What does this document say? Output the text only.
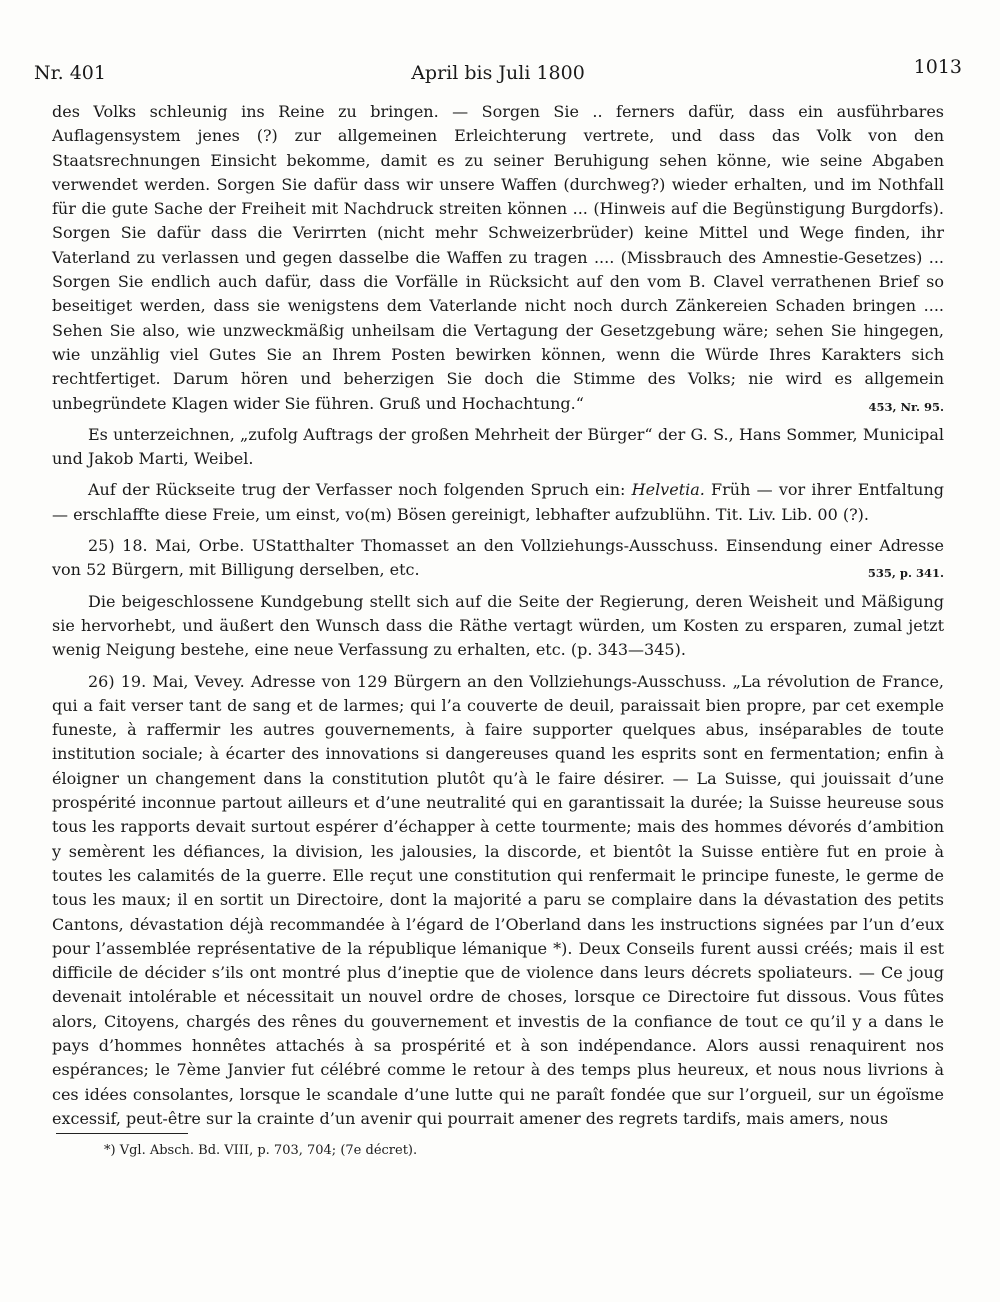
Nr. 401	April bis Juli 1800	1013

des Volks schleunig ins Reine zu bringen. — Sorgen Sie .. ferners dafür, dass ein ausführbares Auflagensystem jenes (?) zur allgemeinen Erleichterung vertrete, und dass das Volk von den Staatsrechnungen Einsicht bekomme, damit es zu seiner Beruhigung sehen könne, wie seine Abgaben verwendet werden. Sorgen Sie dafür dass wir unsere Waffen (durchweg?) wieder erhalten, und im Nothfall für die gute Sache der Freiheit mit Nachdruck streiten können ... (Hinweis auf die Begünstigung Burgdorfs). Sorgen Sie dafür dass die Verirrten (nicht mehr Schweizerbrüder) keine Mittel und Wege finden, ihr Vaterland zu verlassen und gegen dasselbe die Waffen zu tragen .... (Missbrauch des Amnestie-Gesetzes) ... Sorgen Sie endlich auch dafür, dass die Vorfälle in Rücksicht auf den vom B. Clavel verrathenen Brief so beseitiget werden, dass sie wenigstens dem Vaterlande nicht noch durch Zänkereien Schaden bringen .... Sehen Sie also, wie unzweckmäßig unheilsam die Vertagung der Gesetzgebung wäre; sehen Sie hingegen, wie unzählig viel Gutes Sie an Ihrem Posten bewirken können, wenn die Würde Ihres Karakters sich rechtfertiget. Darum hören und beherzigen Sie doch die Stimme des Volks; nie wird es allgemein unbegründete Klagen wider Sie führen. Gruß und Hochachtung.“	453, Nr. 95.

Es unterzeichnen, „zufolg Auftrags der großen Mehrheit der Bürger“ der G. S., Hans Sommer, Municipal und Jakob Marti, Weibel.

Auf der Rückseite trug der Verfasser noch folgenden Spruch ein: Helvetia. Früh — vor ihrer Entfaltung — erschlaffte diese Freie, um einst, vo(m) Bösen gereinigt, lebhafter aufzublühn. Tit. Liv. Lib. 00 (?).

25) 18. Mai, Orbe. UStatthalter Thomasset an den Vollziehungs-Ausschuss. Einsendung einer Adresse von 52 Bürgern, mit Billigung derselben, etc.	535, p. 341.

Die beigeschlossene Kundgebung stellt sich auf die Seite der Regierung, deren Weisheit und Mäßigung sie hervorhebt, und äußert den Wunsch dass die Räthe vertagt würden, um Kosten zu ersparen, zumal jetzt wenig Neigung bestehe, eine neue Verfassung zu erhalten, etc. (p. 343—345).

26) 19. Mai, Vevey. Adresse von 129 Bürgern an den Vollziehungs-Ausschuss. „La révolution de France, qui a fait verser tant de sang et de larmes; qui l’a couverte de deuil, paraissait bien propre, par cet exemple funeste, à raffermir les autres gouvernements, à faire supporter quelques abus, inséparables de toute institution sociale; à écarter des innovations si dangereuses quand les esprits sont en fermentation; enfin à éloigner un changement dans la constitution plutôt qu’à le faire désirer. — La Suisse, qui jouissait d’une prospérité inconnue partout ailleurs et d’une neutralité qui en garantissait la durée; la Suisse heureuse sous tous les rapports devait surtout espérer d’échapper à cette tourmente; mais des hommes dévorés d’ambition y semèrent les défiances, la division, les jalousies, la discorde, et bientôt la Suisse entière fut en proie à toutes les calamités de la guerre. Elle reçut une constitution qui renfermait le principe funeste, le germe de tous les maux; il en sortit un Directoire, dont la majorité a paru se complaire dans la dévastation des petits Cantons, dévastation déjà recommandée à l’égard de l’Oberland dans les instructions signées par l’un d’eux pour l’assemblée représentative de la république lémanique *). Deux Conseils furent aussi créés; mais il est difficile de décider s’ils ont montré plus d’ineptie que de violence dans leurs décrets spoliateurs. — Ce joug devenait intolérable et nécessitait un nouvel ordre de choses, lorsque ce Directoire fut dissous. Vous fûtes alors, Citoyens, chargés des rênes du gouvernement et investis de la confiance de tout ce qu’il y a dans le pays d’hommes honnêtes attachés à sa prospérité et à son indépendance. Alors aussi renaquirent nos espérances; le 7ème Janvier fut célébré comme le retour à des temps plus heureux, et nous nous livrions à ces idées consolantes, lorsque le scandale d’une lutte qui ne paraît fondée que sur l’orgueil, sur un égoïsme excessif, peut-être sur la crainte d’un avenir qui pourrait amener des regrets tardifs, mais amers, nous

*) Vgl. Absch. Bd. VIII, p. 703, 704; (7e décret).
